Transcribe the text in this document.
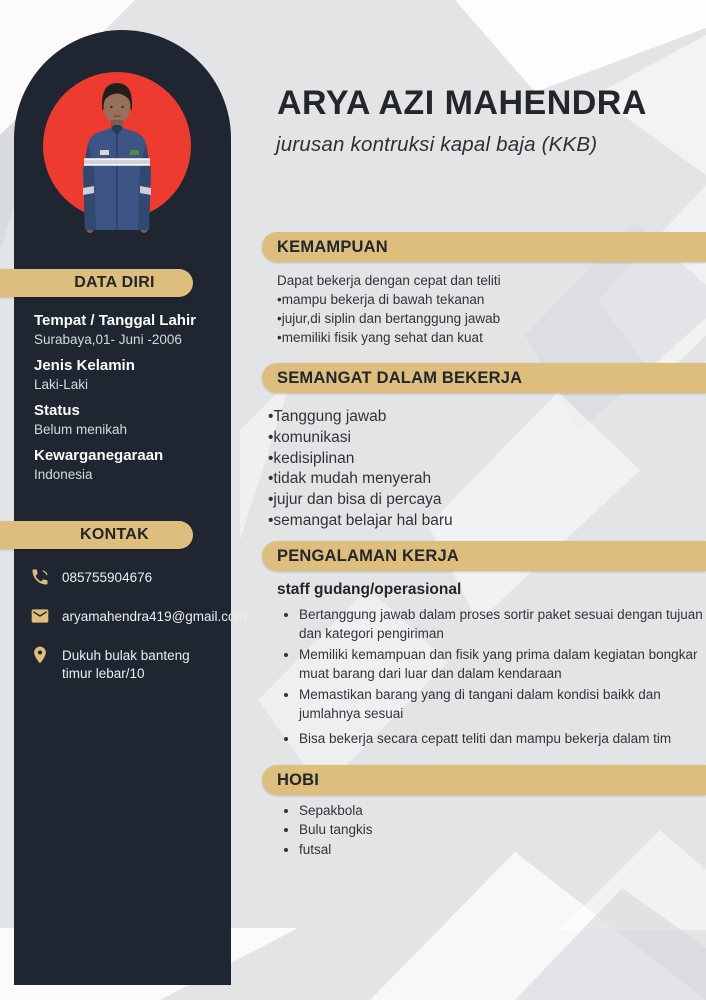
ARYA AZI MAHENDRA
jurusan kontruksi kapal baja (KKB)
DATA DIRI
Tempat / Tanggal Lahir
Surabaya,01- Juni -2006
Jenis Kelamin
Laki-Laki
Status
Belum menikah
Kewarganegaraan
Indonesia
KONTAK
085755904676
aryamahendra419@gmail.com
Dukuh bulak banteng timur lebar/10
KEMAMPUAN
Dapat bekerja dengan cepat dan teliti
•mampu bekerja di bawah tekanan
•jujur,di siplin dan bertanggung jawab
•memiliki fisik yang sehat dan kuat
SEMANGAT DALAM BEKERJA
•Tanggung jawab
•komunikasi
•kedisiplinan
•tidak mudah menyerah
•jujur dan bisa di percaya
•semangat belajar hal baru
PENGALAMAN KERJA
staff gudang/operasional
• Bertanggung jawab dalam proses sortir paket sesuai dengan tujuan dan kategori pengiriman
• Memiliki kemampuan dan fisik yang prima dalam kegiatan bongkar muat barang dari luar dan dalam kendaraan
• Memastikan barang yang di tangani dalam kondisi baikk dan jumlahnya sesuai
• Bisa bekerja secara cepatt teliti dan mampu bekerja dalam tim
HOBI
• Sepakbola
• Bulu tangkis
• futsal
